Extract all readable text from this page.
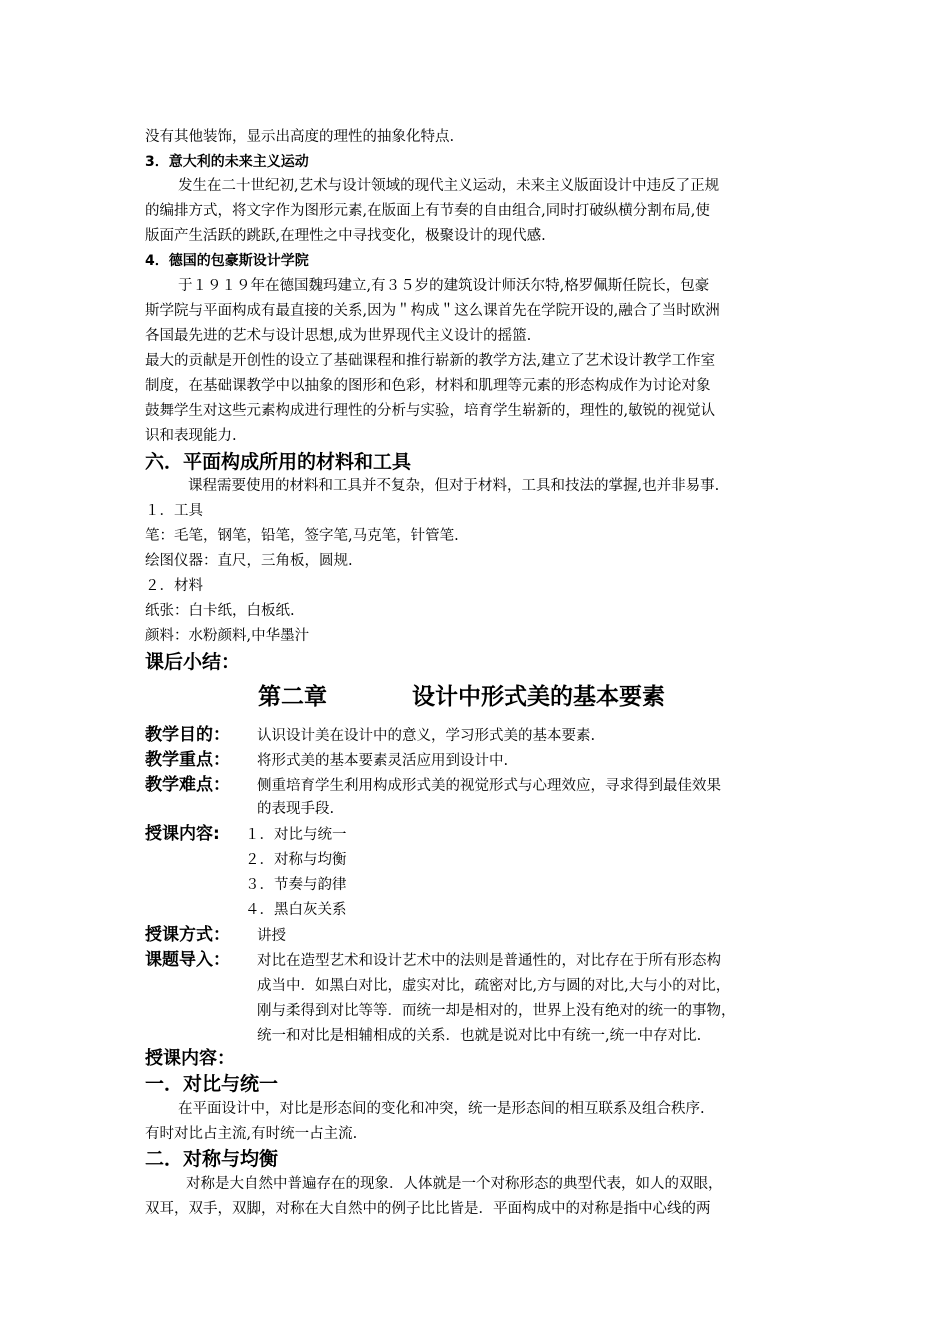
没有其他装饰，显示出高度的理性的抽象化特点.
3．意大利的未来主义运动
发生在二十世纪初,艺术与设计领域的现代主义运动，未来主义版面设计中违反了正规
的编排方式，将文字作为图形元素,在版面上有节奏的自由组合,同时打破纵横分割布局,使
版面产生活跃的跳跃,在理性之中寻找变化，极聚设计的现代感.
4．德国的包豪斯设计学院
于１９１９年在德国魏玛建立,有３５岁的建筑设计师沃尔特,格罗佩斯任院长，包豪
斯学院与平面构成有最直接的关系,因为＂构成＂这么课首先在学院开设的,融合了当时欧洲
各国最先进的艺术与设计思想,成为世界现代主义设计的摇篮.
最大的贡献是开创性的设立了基础课程和推行崭新的教学方法,建立了艺术设计教学工作室
制度，在基础课教学中以抽象的图形和色彩，材料和肌理等元素的形态构成作为讨论对象
鼓舞学生对这些元素构成进行理性的分析与实验，培育学生崭新的，理性的,敏锐的视觉认
识和表现能力.
六．平面构成所用的材料和工具
课程需要使用的材料和工具并不复杂，但对于材料，工具和技法的掌握,也并非易事.
１．工具
笔：毛笔，钢笔，铅笔，签字笔,马克笔，针管笔.
绘图仪器：直尺，三角板，圆规.
２．材料
纸张：白卡纸，白板纸.
颜料：水粉颜料,中华墨汁
课后小结：
第二章	设计中形式美的基本要素
教学目的： 认识设计美在设计中的意义，学习形式美的基本要素.
教学重点： 将形式美的基本要素灵活应用到设计中.
教学难点： 侧重培育学生利用构成形式美的视觉形式与心理效应，寻求得到最佳效果
的表现手段.
授课内容: １．对比与统一
２．对称与均衡
３．节奏与韵律
４．黑白灰关系
授课方式： 讲授
课题导入： 对比在造型艺术和设计艺术中的法则是普通性的，对比存在于所有形态构
成当中．如黑白对比，虚实对比，疏密对比,方与圆的对比,大与小的对比，
刚与柔得到对比等等．而统一却是相对的，世界上没有绝对的统一的事物，
统一和对比是相辅相成的关系．也就是说对比中有统一,统一中存对比.
授课内容：
一．对比与统一
在平面设计中，对比是形态间的变化和冲突，统一是形态间的相互联系及组合秩序.
有时对比占主流,有时统一占主流.
二．对称与均衡
对称是大自然中普遍存在的现象．人体就是一个对称形态的典型代表，如人的双眼，
双耳，双手，双脚，对称在大自然中的例子比比皆是．平面构成中的对称是指中心线的两
